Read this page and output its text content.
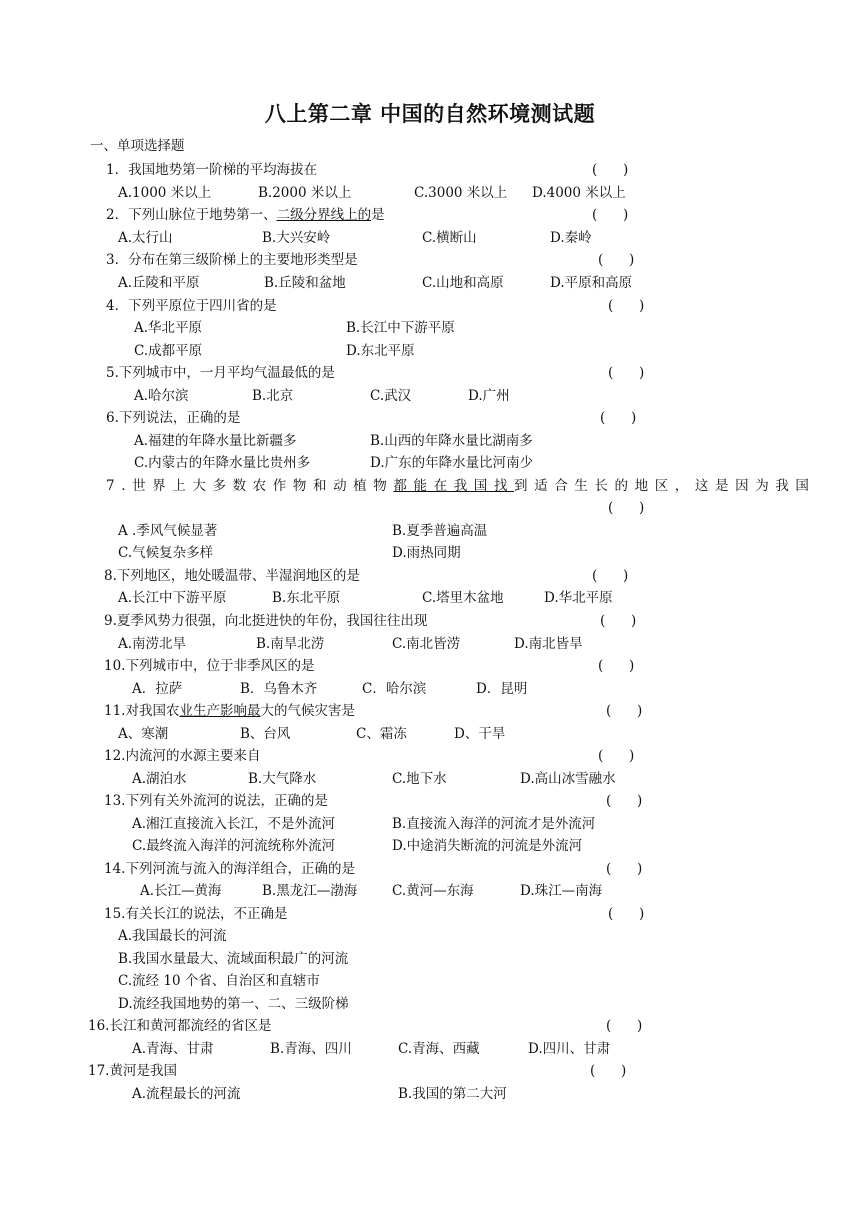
八上第二章 中国的自然环境测试题
一、单项选择题
1．我国地势第一阶梯的平均海拔在	(      )
A.1000 米以上	B.2000 米以上	C.3000 米以上 D.4000 米以上
2．下列山脉位于地势第一、二级分界线上的是	(      )
A.太行山	B.大兴安岭	C.横断山	D.秦岭
3．分布在第三级阶梯上的主要地形类型是	(      )
A.丘陵和平原	B.丘陵和盆地	C.山地和高原	D.平原和高原
4．下列平原位于四川省的是	(      )
A.华北平原	B.长江中下游平原
C.成都平原	D.东北平原
5.下列城市中，一月平均气温最低的是	(      )
A.哈尔滨	B.北京	C.武汉	D.广州
6.下列说法，正确的是	(      )
A.福建的年降水量比新疆多	B.山西的年降水量比湖南多
C.内蒙古的年降水量比贵州多	D.广东的年降水量比河南少
7.世界上大多数农作物和动植物都能在我国找到适合生长的地区，这是因为我国
(      )
A .季风气候显著	B.夏季普遍高温
C.气候复杂多样	D.雨热同期
8.下列地区，地处暖温带、半湿润地区的是	(      )
A.长江中下游平原	B.东北平原	C.塔里木盆地	D.华北平原
9.夏季风势力很强，向北挺进快的年份，我国往往出现	(      )
A.南涝北旱	B.南旱北涝	C.南北皆涝	D.南北皆旱
10.下列城市中，位于非季风区的是	(      )
A．拉萨	B．乌鲁木齐	C．哈尔滨	D．昆明
11.对我国农业生产影响最大的气候灾害是	(      )
A、寒潮	B、台风	C、霜冻	D、干旱
12.内流河的水源主要来自	(      )
A.湖泊水	B.大气降水	C.地下水	D.高山冰雪融水
13.下列有关外流河的说法，正确的是	(      )
A.湘江直接流入长江，不是外流河	B.直接流入海洋的河流才是外流河
C.最终流入海洋的河流统称外流河	D.中途消失断流的河流是外流河
14.下列河流与流入的海洋组合，正确的是	(      )
A.长江—黄海	B.黑龙江—渤海	C.黄河—东海	D.珠江—南海
15.有关长江的说法，不正确是	(      )
A.我国最长的河流
B.我国水量最大、流域面积最广的河流
C.流经 10 个省、自治区和直辖市
D.流经我国地势的第一、二、三级阶梯
16.长江和黄河都流经的省区是	(      )
A.青海、甘肃	B.青海、四川	C.青海、西藏	D.四川、甘肃
17.黄河是我国	(      )
A.流程最长的河流	B.我国的第二大河
